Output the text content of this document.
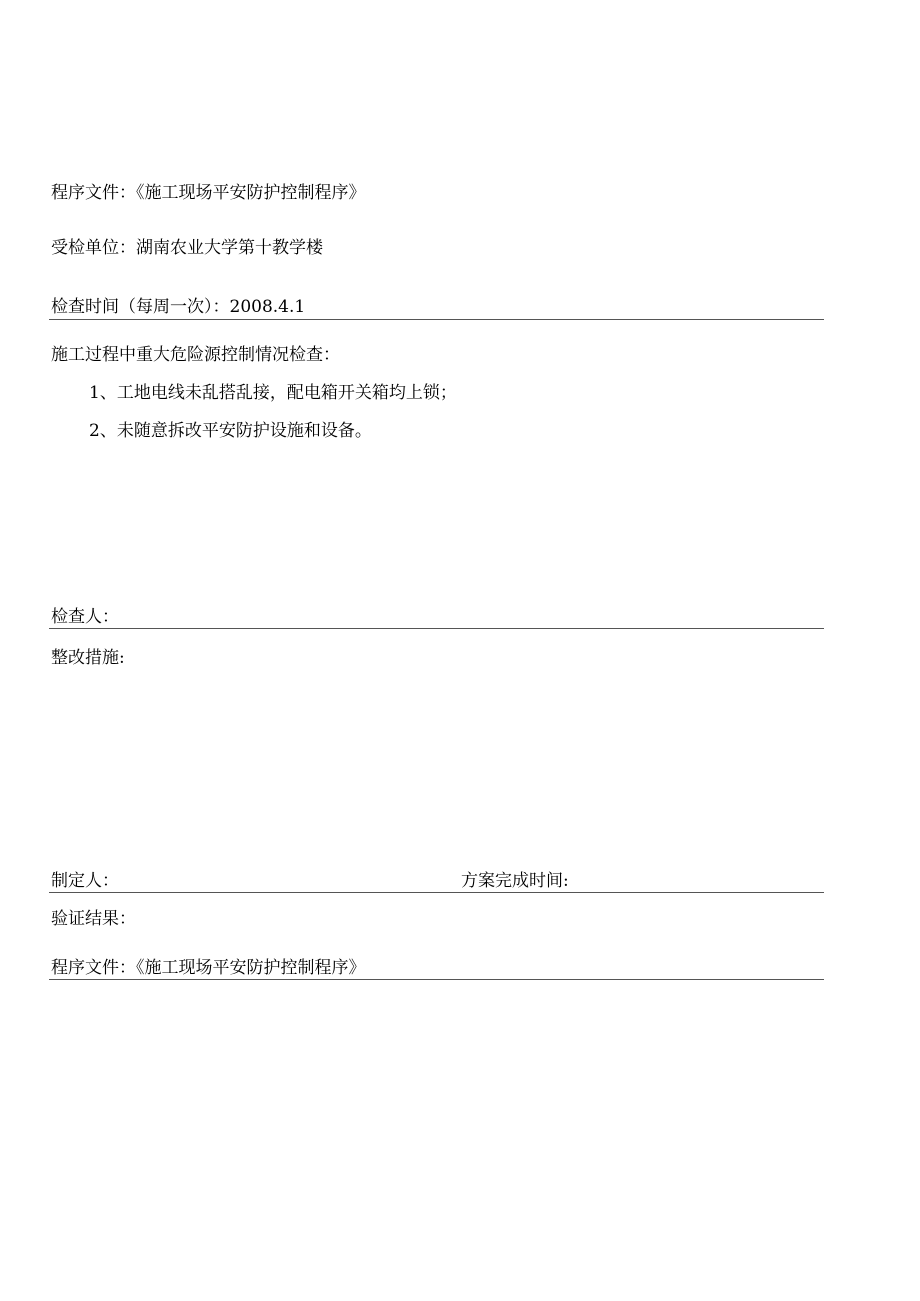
程序文件：《施工现场平安防护控制程序》
受检单位：湖南农业大学第十教学楼
检查时间（每周一次）：2008.4.1
施工过程中重大危险源控制情况检查：
1、工地电线未乱搭乱接，配电箱开关箱均上锁；
2、未随意拆改平安防护设施和设备。
检查人：
整改措施:
制定人：	方案完成时间:
验证结果：
程序文件：《施工现场平安防护控制程序》
